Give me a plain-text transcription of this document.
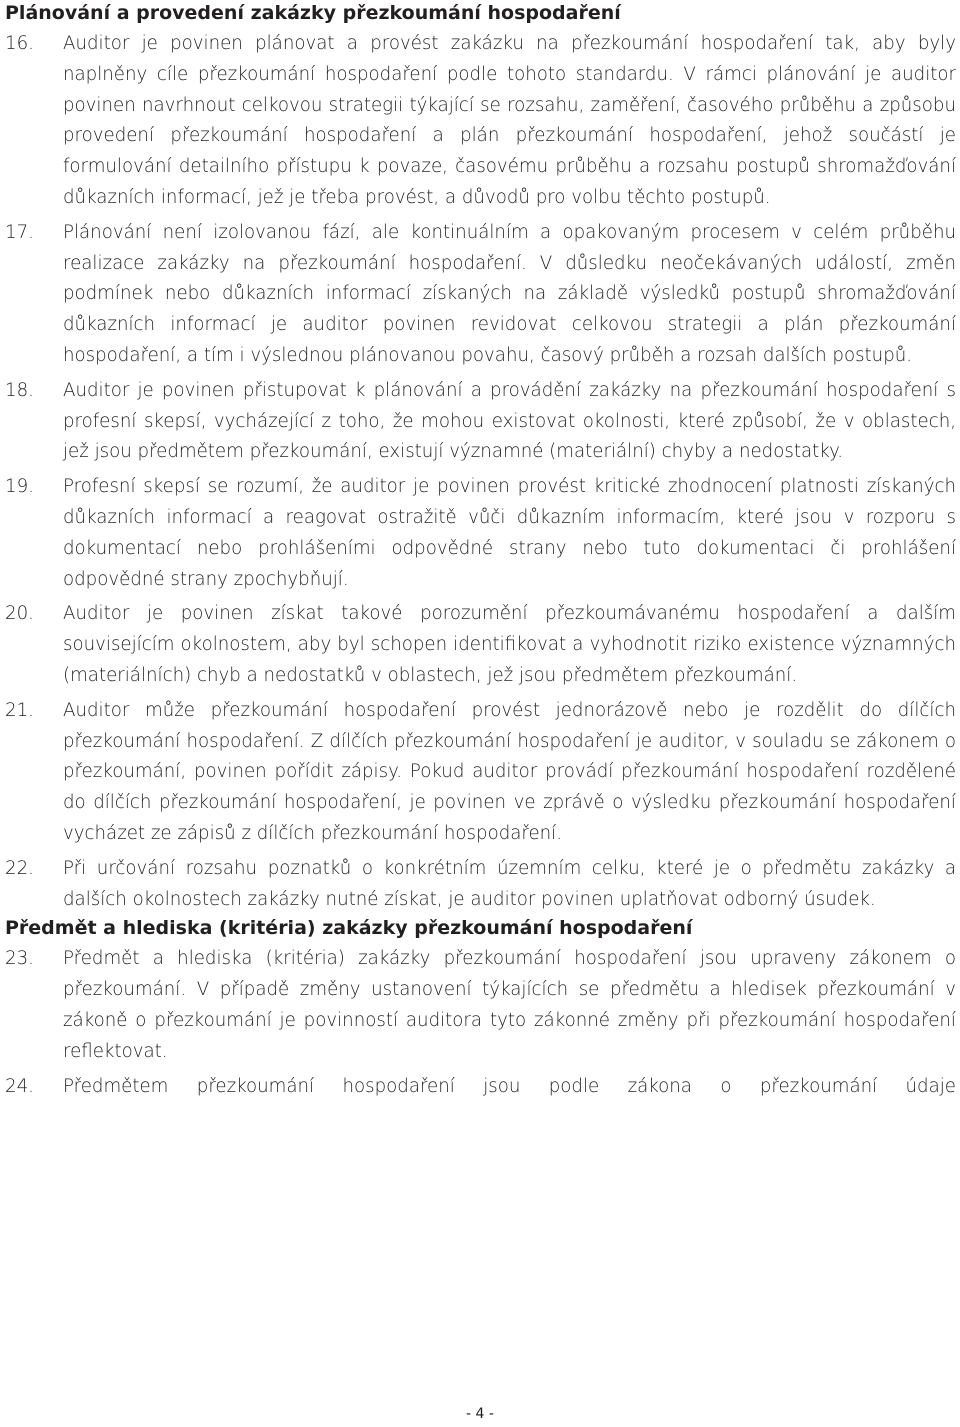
Plánování a provedení zakázky přezkoumání hospodaření
16.	Auditor je povinen plánovat a provést zakázku na přezkoumání hospodaření tak, aby byly naplněny cíle přezkoumání hospodaření podle tohoto standardu. V rámci plánování je auditor povinen navrhnout celkovou strategii týkající se rozsahu, zaměření, časového průběhu a způsobu provedení přezkoumání hospodaření a plán přezkoumání hospodaření, jehož součástí je formulování detailního přístupu k povaze, časovému průběhu a rozsahu postupů shromažďování důkazních informací, jež je třeba provést, a důvodů pro volbu těchto postupů.
17.	Plánování není izolovanou fází, ale kontinuálním a opakovaným procesem v celém průběhu realizace zakázky na přezkoumání hospodaření. V důsledku neočekávaných událostí, změn podmínek nebo důkazních informací získaných na základě výsledků postupů shromažďování důkazních informací je auditor povinen revidovat celkovou strategii a plán přezkoumání hospodaření, a tím i výslednou plánovanou povahu, časový průběh a rozsah dalších postupů.
18.	Auditor je povinen přistupovat k plánování a provádění zakázky na přezkoumání hospodaření s profesní skepsí, vycházející z toho, že mohou existovat okolnosti, které způsobí, že v oblastech, jež jsou předmětem přezkoumání, existují významné (materiální) chyby a nedostatky.
19.	Profesní skepsí se rozumí, že auditor je povinen provést kritické zhodnocení platnosti získaných důkazních informací a reagovat ostražitě vůči důkazním informacím, které jsou v rozporu s dokumentací nebo prohlášeními odpovědné strany nebo tuto dokumentaci či prohlášení odpovědné strany zpochybňují.
20.	Auditor je povinen získat takové porozumění přezkoumávanému hospodaření a dalším souvisejícím okolnostem, aby byl schopen identifikovat a vyhodnotit riziko existence významných (materiálních) chyb a nedostatků v oblastech, jež jsou předmětem přezkoumání.
21.	Auditor může přezkoumání hospodaření provést jednorázově nebo je rozdělit do dílčích přezkoumání hospodaření. Z dílčích přezkoumání hospodaření je auditor, v souladu se zákonem o přezkoumání, povinen pořídit zápisy. Pokud auditor provádí přezkoumání hospodaření rozdělené do dílčích přezkoumání hospodaření, je povinen ve zprávě o výsledku přezkoumání hospodaření vycházet ze zápisů z dílčích přezkoumání hospodaření.
22.	Při určování rozsahu poznatků o konkrétním územním celku, které je o předmětu zakázky a dalších okolnostech zakázky nutné získat, je auditor povinen uplatňovat odborný úsudek.
Předmět a hlediska (kritéria) zakázky přezkoumání hospodaření
23.	Předmět a hlediska (kritéria) zakázky přezkoumání hospodaření jsou upraveny zákonem o přezkoumání. V případě změny ustanovení týkajících se předmětu a hledisek přezkoumání v zákoně o přezkoumání je povinností auditora tyto zákonné změny při přezkoumání hospodaření reflektovat.
24.	Předmětem přezkoumání hospodaření jsou podle zákona o přezkoumání údaje
- 4 -
